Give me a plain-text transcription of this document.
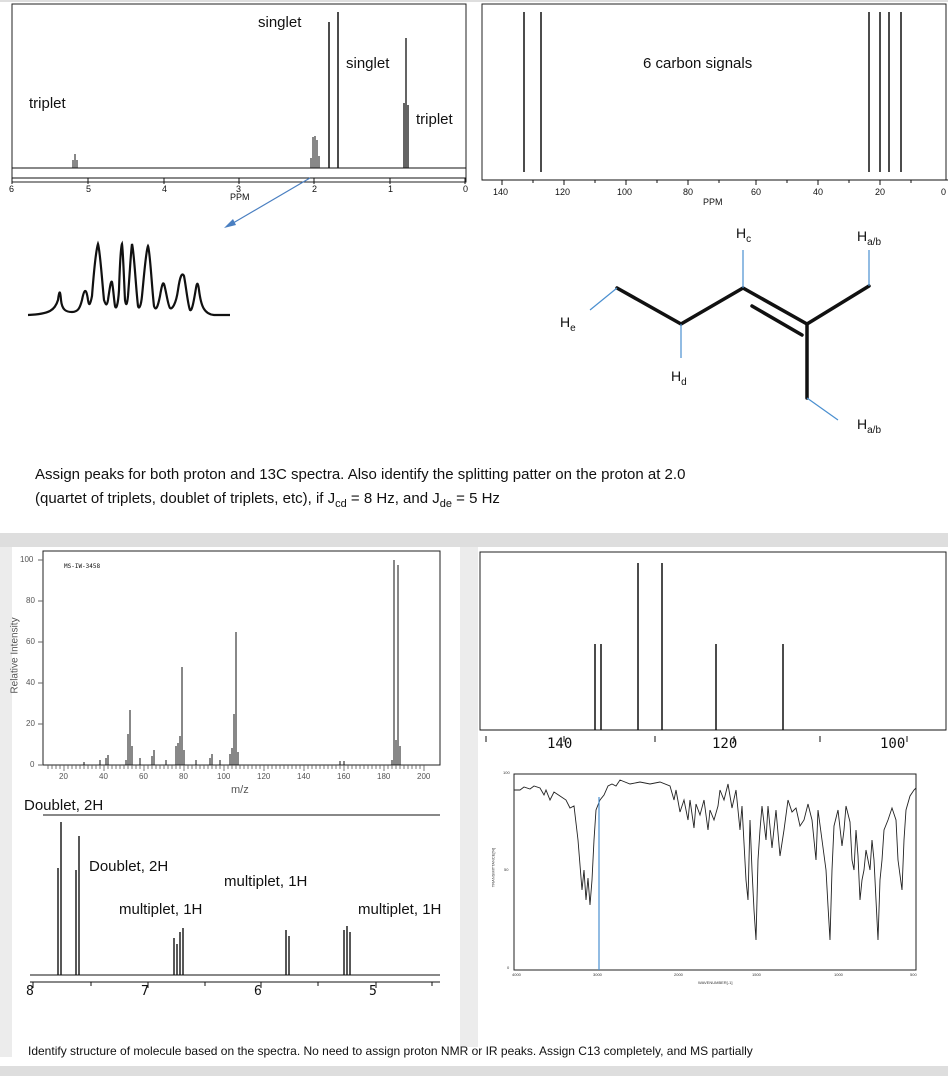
triplet
singlet
singlet
triplet
6	5	4	3
PPM
2	1	0
6 carbon signals
140	120	100	80
PPM
60	40	20	0
$H_c$	$H_{a/b}$
$H_e$
$H_d$
$H_{a/b}$
Assign peaks for both proton and 13C spectra. Also identify the splitting patter on the proton at 2.0
(quartet of triplets, doublet of triplets, etc), if $J_{cd} = 8$ Hz, and $J_{de} = 5$ Hz
MS-IW-3458
100
80
60
40
20
0
Relative Intensity
20	40	60	80	100	120	140	160	180	200
m/z
140	120	100
Doublet, 2H
Doublet, 2H
multiplet, 1H
multiplet, 1H
multiplet, 1H
8	7	6	5
100
50
0
TRANSMITTANCE[%]
4000	3000	2000
WAVENUMBER[-1]
1500	1000	500
Identify structure of molecule based on the spectra. No need to assign proton NMR or IR peaks. Assign C13 completely, and MS partially
